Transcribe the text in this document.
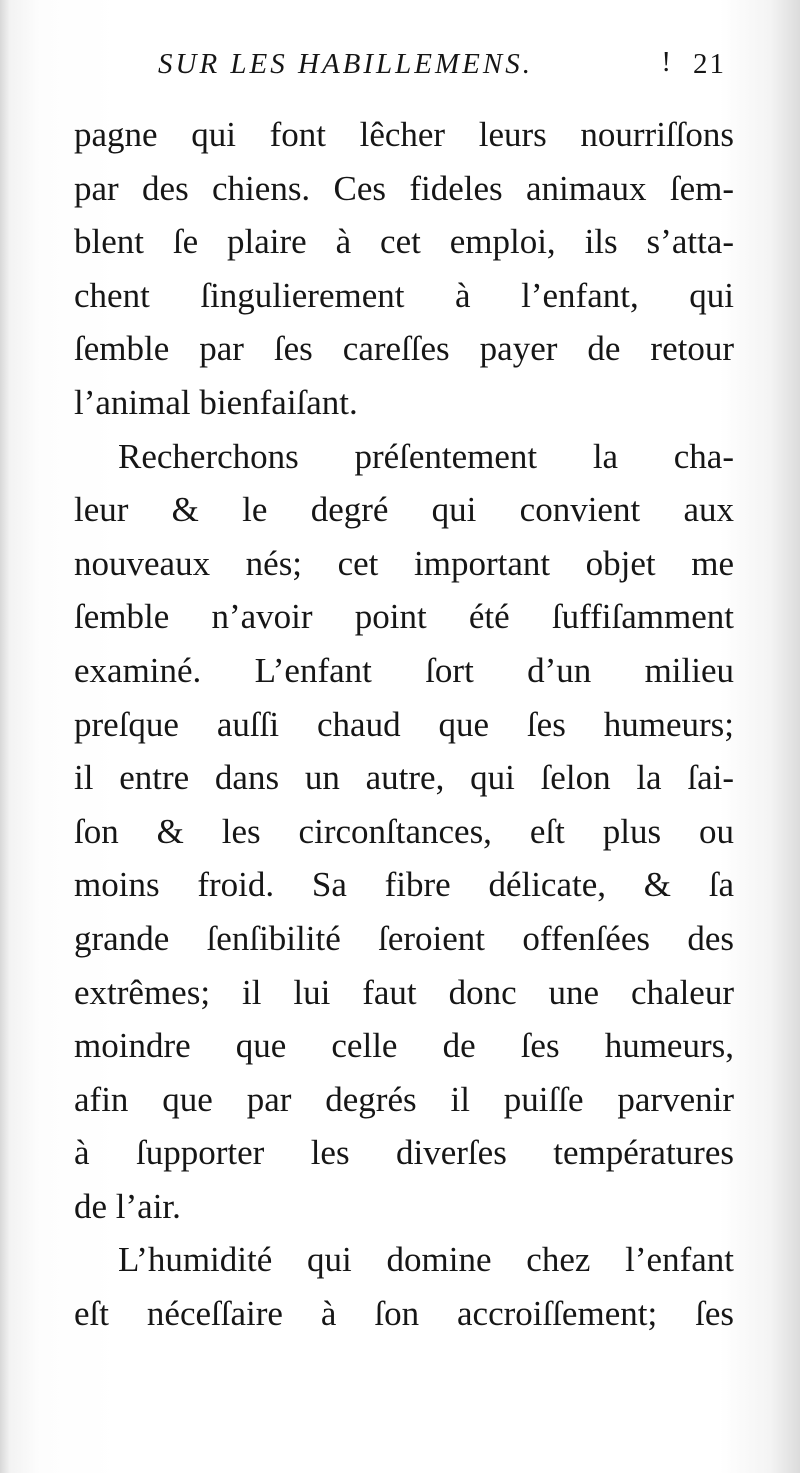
SUR LES HABILLEMENS.	! 21

pagne qui font lêcher leurs nourriſſons
par des chiens. Ces fideles animaux ſem-
blent ſe plaire à cet emploi, ils s’atta-
chent ſingulierement à l’enfant, qui
ſemble par ſes careſſes payer de retour
l’animal bienfaiſant.

Recherchons préſentement la cha-
leur & le degré qui convient aux
nouveaux nés; cet important objet me
ſemble n’avoir point été ſuffiſamment
examiné. L’enfant ſort d’un milieu
preſque auſſi chaud que ſes humeurs;
il entre dans un autre, qui ſelon la ſai-
ſon & les circonſtances, eſt plus ou
moins froid. Sa fibre délicate, & ſa
grande ſenſibilité ſeroient offenſées des
extrêmes; il lui faut donc une chaleur
moindre que celle de ſes humeurs,
afin que par degrés il puiſſe parvenir
à ſupporter les diverſes températures
de l’air.

L’humidité qui domine chez l’enfant
eſt néceſſaire à ſon accroiſſement; ſes
